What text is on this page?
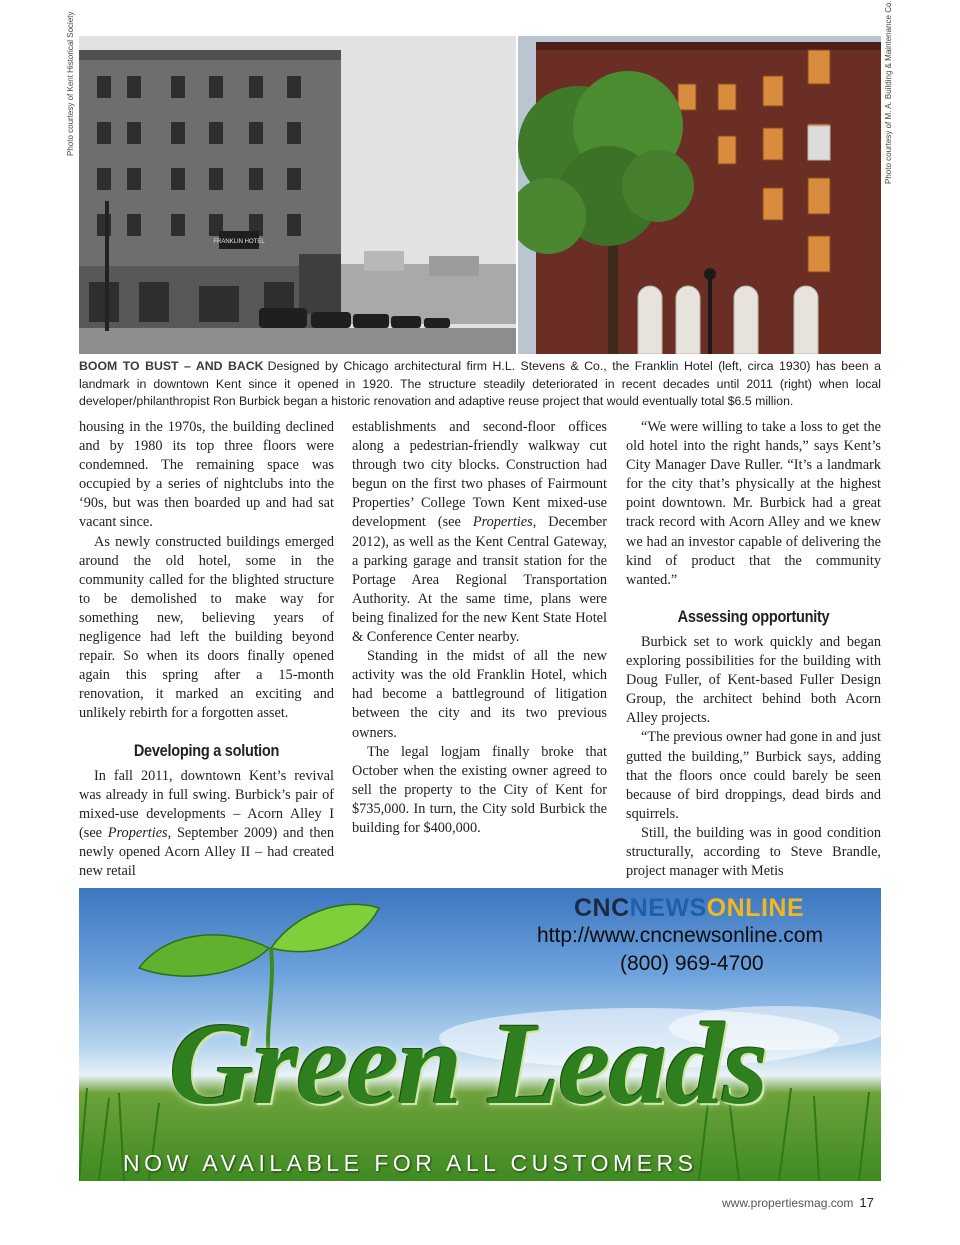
Photo courtesy of Kent Historical Society	Photo courtesy of M. A. Building & Maintenance Co.
FRANKLIN HOTEL
BOOM TO BUST – AND BACK Designed by Chicago architectural firm H.L. Stevens & Co., the Franklin Hotel (left, circa 1930) has been a landmark in downtown Kent since it opened in 1920. The structure steadily deteriorated in recent decades until 2011 (right) when local developer/philanthropist Ron Burbick began a historic renovation and adaptive reuse project that would eventually total $6.5 million.

housing in the 1970s, the building declined and by 1980 its top three floors were condemned. The remaining space was occupied by a series of nightclubs into the ‘90s, but was then boarded up and had sat vacant since.

As newly constructed buildings emerged around the old hotel, some in the community called for the blighted structure to be demolished to make way for something new, believing years of negligence had left the building beyond repair. So when its doors finally opened again this spring after a 15-month renovation, it marked an exciting and unlikely rebirth for a forgotten asset.

Developing a solution

In fall 2011, downtown Kent’s revival was already in full swing. Burbick’s pair of mixed-use developments – Acorn Alley I (see Properties, September 2009) and then newly opened Acorn Alley II – had created new retail

establishments and second-floor offices along a pedestrian-friendly walkway cut through two city blocks. Construction had begun on the first two phases of Fairmount Properties’ College Town Kent mixed-use development (see Properties, December 2012), as well as the Kent Central Gateway, a parking garage and transit station for the Portage Area Regional Transportation Authority. At the same time, plans were being finalized for the new Kent State Hotel & Conference Center nearby.

Standing in the midst of all the new activity was the old Franklin Hotel, which had become a battleground of litigation between the city and its two previous owners.

The legal logjam finally broke that October when the existing owner agreed to sell the property to the City of Kent for $735,000. In turn, the City sold Burbick the building for $400,000.

“We were willing to take a loss to get the old hotel into the right hands,” says Kent’s City Manager Dave Ruller. “It’s a landmark for the city that’s physically at the highest point downtown. Mr. Burbick had a great track record with Acorn Alley and we knew we had an investor capable of delivering the kind of product that the community wanted.”

Assessing opportunity

Burbick set to work quickly and began exploring possibilities for the building with Doug Fuller, of Kent-based Fuller Design Group, the architect behind both Acorn Alley projects.

“The previous owner had gone in and just gutted the building,” Burbick says, adding that the floors once could barely be seen because of bird droppings, dead birds and squirrels.

Still, the building was in good condition structurally, according to Steve Brandle, project manager with Metis

CNCNEWSONLINE
http://www.cncnewsonline.com
(800) 969-4700
Green Leads
NOW AVAILABLE FOR ALL CUSTOMERS
www.propertiesmag.com 17
